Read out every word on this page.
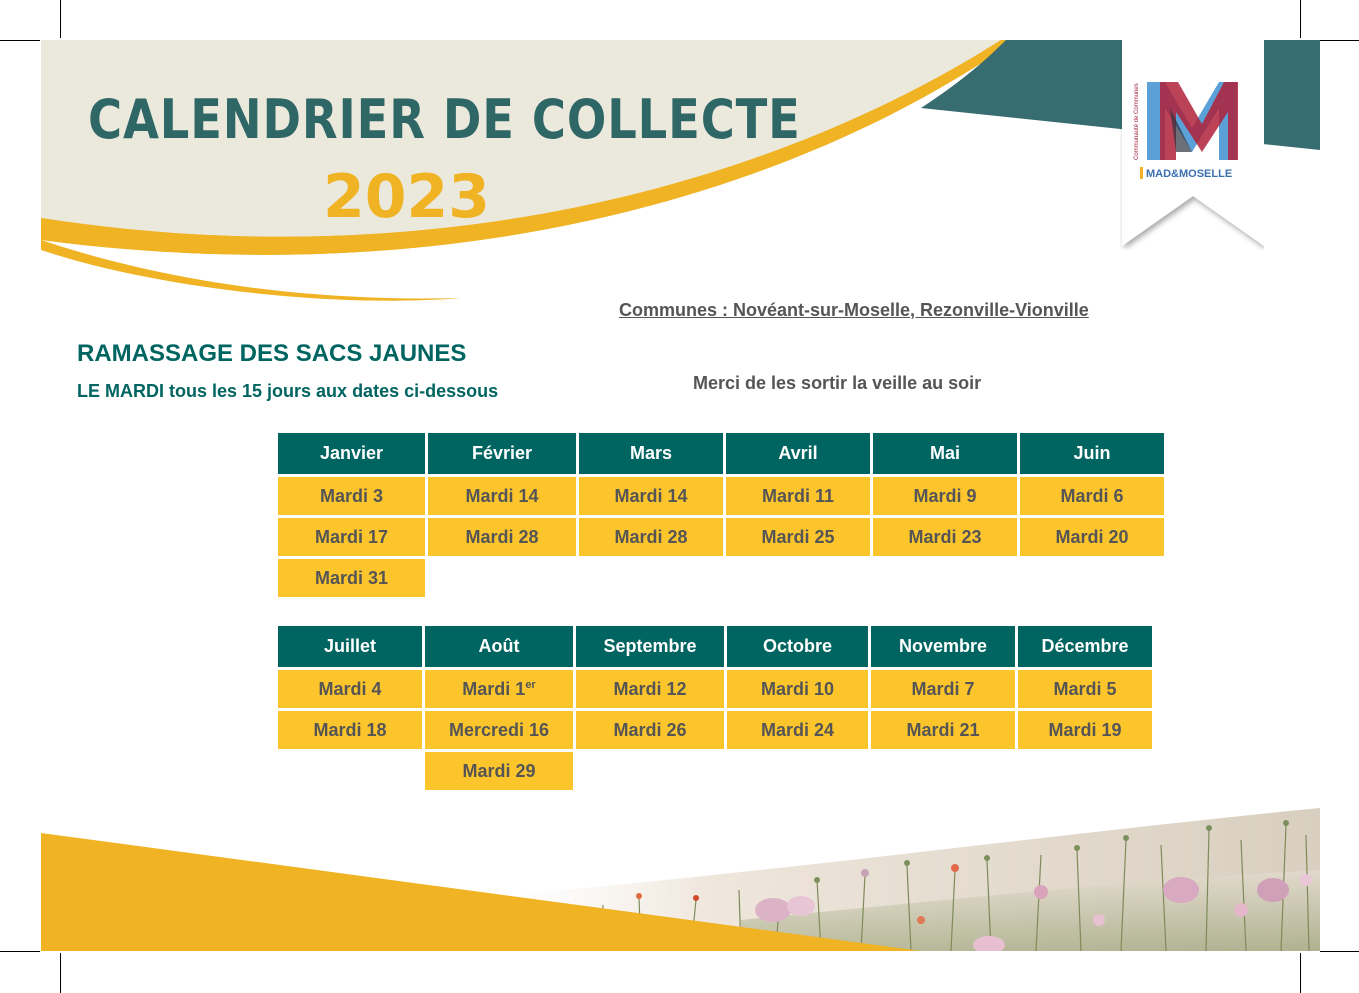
CALENDRIER DE COLLECTE
2023	MAD&MOSELLE
Communauté de Communes
Communes : Novéant-sur-Moselle, Rezonville-Vionville
RAMASSAGE DES SACS JAUNES
LE MARDI tous les 15 jours aux dates ci-dessous	Merci de les sortir la veille au soir
Janvier	Février	Mars	Avril	Mai	Juin
Mardi 3	Mardi 14	Mardi 14	Mardi 11	Mardi 9	Mardi 6
Mardi 17	Mardi 28	Mardi 28	Mardi 25	Mardi 23	Mardi 20
Mardi 31					
Juillet	Août	Septembre	Octobre	Novembre	Décembre
Mardi 4	Mardi 1er	Mardi 12	Mardi 10	Mardi 7	Mardi 5
Mardi 18	Mercredi 16	Mardi 26	Mardi 24	Mardi 21	Mardi 19
	Mardi 29				
